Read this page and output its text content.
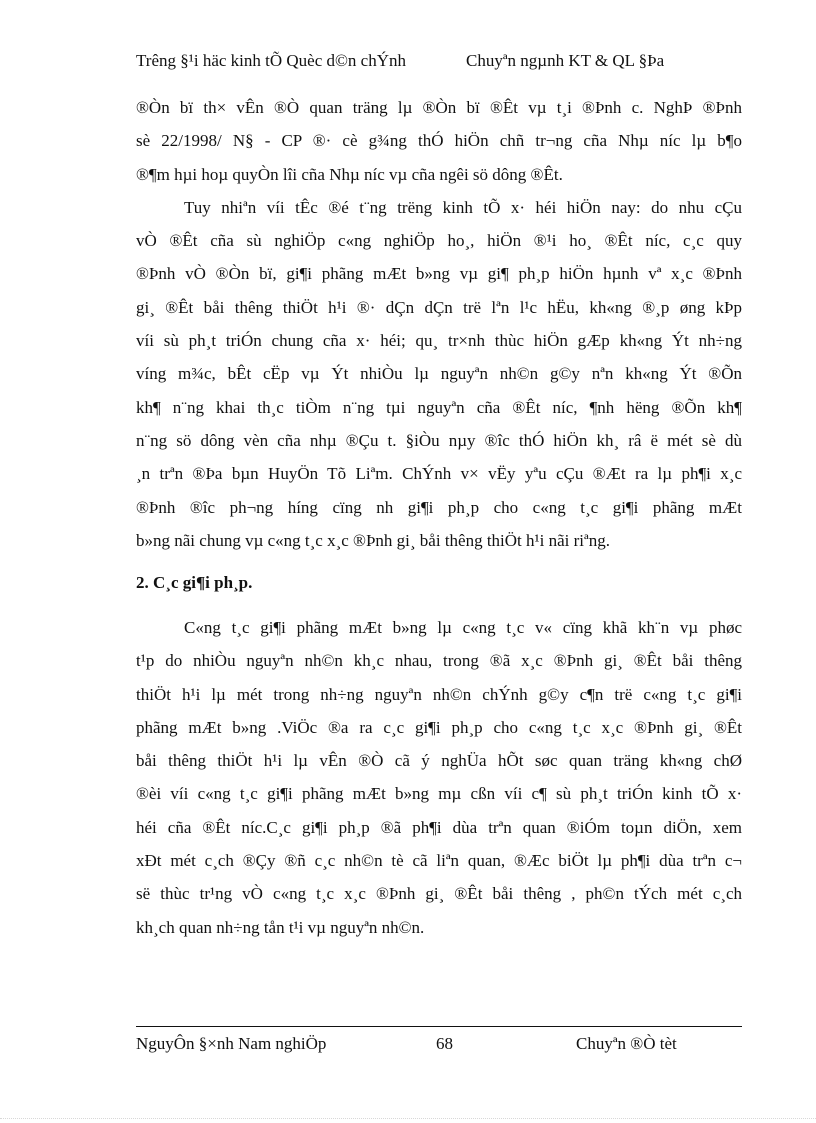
Trêng §¹i häc kinh tÕ Quèc d©n chÝnh	Chuyªn ngµnh KT & QL §Þa
®Òn bï th× vÊn ®Ò quan träng lµ ®Òn bï ®Êt vµ t¸i ®Þnh c. NghÞ ®Þnh
sè 22/1998/ N§ - CP ®· cè g¾ng thÓ hiÖn chñ tr¬ng cña Nhµ níc lµ b¶o
®¶m hµi hoµ quyÒn lîi cña Nhµ níc vµ cña ngêi sö dông ®Êt.
Tuy nhiªn víi tÊc ®é t¨ng trëng kinh tÕ x· héi hiÖn nay: do nhu cÇu
vÒ ®Êt cña sù nghiÖp c«ng nghiÖp ho¸, hiÖn ®¹i ho¸ ®Êt níc, c¸c quy
®Þnh vÒ ®Òn bï, gi¶i phãng mÆt b»ng vµ gi¶ ph¸p hiÖn hµnh vª x¸c ®Þnh
gi¸ ®Êt båi thêng thiÖt h¹i ®· dÇn dÇn trë lªn l¹c hËu, kh«ng ®¸p øng kÞp
víi sù ph¸t triÓn chung cña x· héi; qu¸ tr×nh thùc hiÖn gÆp kh«ng Ýt nh÷ng
víng m¾c, bÊt cËp vµ Ýt nhiÒu lµ nguyªn nh©n g©y nªn kh«ng Ýt ®Õn
kh¶ n¨ng khai th¸c tiÒm n¨ng tµi nguyªn cña ®Êt níc, ¶nh hëng ®Õn kh¶
n¨ng sö dông vèn cña nhµ ®Çu t. §iÒu nµy ®îc thÓ hiÖn kh¸ râ ë mét sè dù
¸n trªn ®Þa bµn HuyÖn Tõ Liªm. ChÝnh v× vËy yªu cÇu ®Æt ra lµ ph¶i x¸c
®Þnh ®îc ph¬ng híng cïng nh gi¶i ph¸p cho c«ng t¸c gi¶i phãng mÆt
b»ng nãi chung vµ c«ng t¸c x¸c ®Þnh gi¸ båi thêng thiÖt h¹i nãi riªng.
2. C¸c gi¶i ph¸p.
C«ng t¸c gi¶i phãng mÆt b»ng lµ c«ng t¸c v« cïng khã kh¨n vµ phøc
t¹p do nhiÒu nguyªn nh©n kh¸c nhau, trong ®ã x¸c ®Þnh gi¸ ®Êt båi thêng
thiÖt h¹i lµ mét trong nh÷ng nguyªn nh©n chÝnh g©y c¶n trë c«ng t¸c gi¶i
phãng mÆt b»ng .ViÖc ®a ra c¸c gi¶i ph¸p cho c«ng t¸c x¸c ®Þnh gi¸ ®Êt
båi thêng thiÖt h¹i lµ vÊn ®Ò cã ý nghÜa hÕt søc quan träng kh«ng chØ
®èi víi c«ng t¸c gi¶i phãng mÆt b»ng mµ cßn víi c¶ sù ph¸t triÓn kinh tÕ x·
héi cña ®Êt níc.C¸c gi¶i ph¸p ®ã ph¶i dùa trªn quan ®iÓm toµn diÖn, xem
xÐt mét c¸ch ®Çy ®ñ c¸c nh©n tè cã liªn quan, ®Æc biÖt lµ ph¶i dùa trªn c¬
së thùc tr¹ng vÒ c«ng t¸c x¸c ®Þnh gi¸ ®Êt båi thêng , ph©n tÝch mét c¸ch
kh¸ch quan nh÷ng tån t¹i vµ nguyªn nh©n.
NguyÔn §×nh Nam nghiÖp	68	Chuyªn ®Ò tèt
